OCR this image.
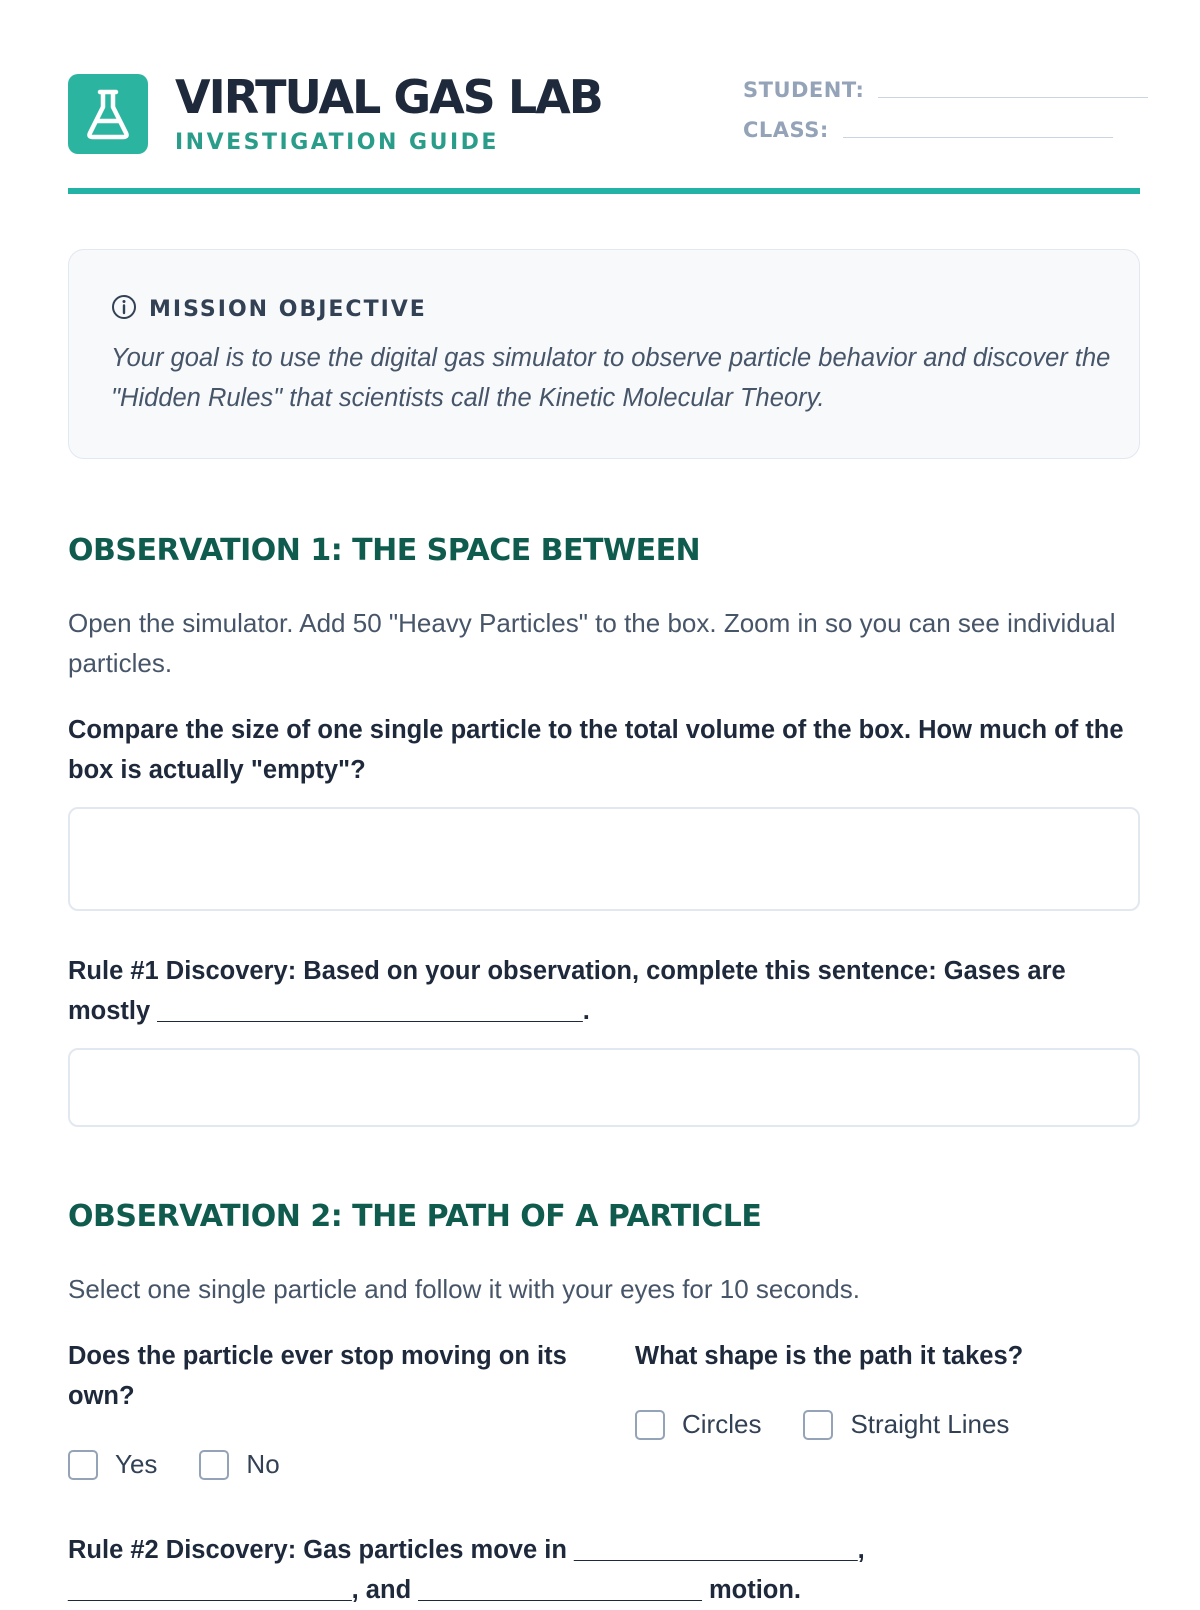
VIRTUAL GAS LAB
INVESTIGATION GUIDE
STUDENT:
CLASS:
MISSION OBJECTIVE
Your goal is to use the digital gas simulator to observe particle behavior and discover the "Hidden Rules" that scientists call the Kinetic Molecular Theory.
OBSERVATION 1: THE SPACE BETWEEN
Open the simulator. Add 50 "Heavy Particles" to the box. Zoom in so you can see individual particles.
Compare the size of one single particle to the total volume of the box. How much of the box is actually "empty"?
Rule #1 Discovery: Based on your observation, complete this sentence: Gases are mostly ______________________________.
OBSERVATION 2: THE PATH OF A PARTICLE
Select one single particle and follow it with your eyes for 10 seconds.
Does the particle ever stop moving on its own?
Yes	No
What shape is the path it takes?
Circles	Straight Lines
Rule #2 Discovery: Gas particles move in ____________________, ____________________, and ____________________ motion.
